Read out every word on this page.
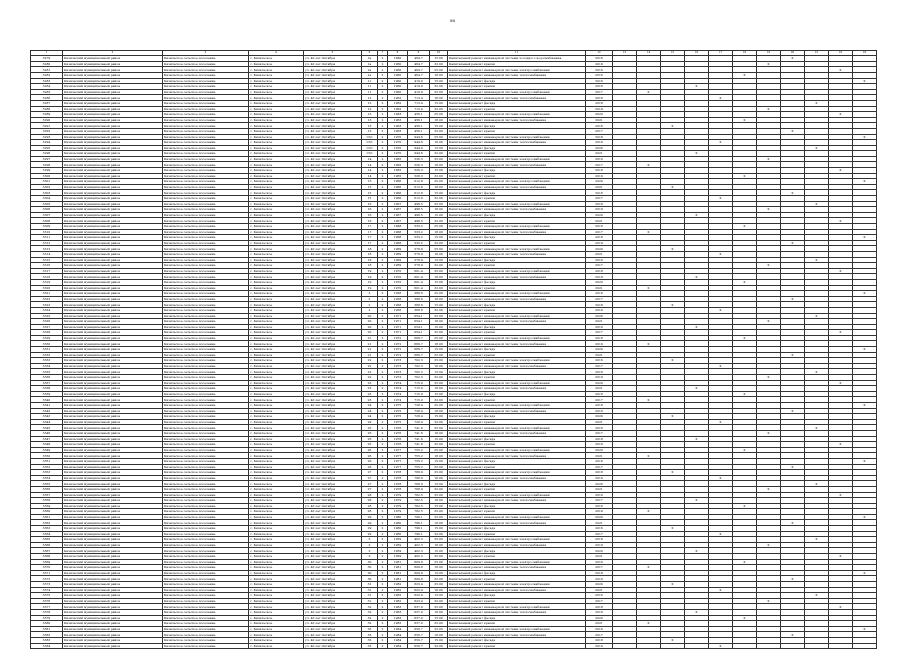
88
1	2	3	4	5	6	7	8	9	10	11	12	13	14	15	16	17	18	19	20	21	22	23
3279	Кизильский муниципальный район	Кизильское сельское поселение	с. Кизильское	ул. 40 лет Октября	1а	2	1960	464.7	15.00	Капитальный ремонт инженерной системы холодного водоснабжения	2016								X			
3280	Кизильский муниципальный район	Кизильское сельское поселение	с. Кизильское	ул. 40 лет Октября	1а	2	1960	464.7	32.00	Капитальный ремонт крыши	2019							X				
3281	Кизильский муниципальный район	Кизильское сельское поселение	с. Кизильское	ул. 40 лет Октября	1а	2	1960	464.7	25.00	Капитальный ремонт инженерной системы электроснабжения	2016										X	
3282	Кизильский муниципальный район	Кизильское сельское поселение	с. Кизильское	ул. 40 лет Октября	1а	2	1960	464.7	18.00	Капитальный ремонт инженерной системы теплоснабжения	2016						X					
3283	Кизильский муниципальный район	Кизильское сельское поселение	с. Кизильское	ул. 40 лет Октября	11	2	1960	419.9	15.00	Капитальный ремонт фасада	2016											X
3284	Кизильский муниципальный район	Кизильское сельское поселение	с. Кизильское	ул. 40 лет Октября	11	2	1960	419.9	32.00	Капитальный ремонт крыши	2016				X							
3285	Кизильский муниципальный район	Кизильское сельское поселение	с. Кизильское	ул. 40 лет Октября	11	2	1960	419.9	25.00	Капитальный ремонт инженерной системы электроснабжения	2017		X									
3286	Кизильский муниципальный район	Кизильское сельское поселение	с. Кизильское	ул. 40 лет Октября	12	2	1962	713.4	18.00	Капитальный ремонт инженерной системы теплоснабжения	2018					X						
3287	Кизильский муниципальный район	Кизильское сельское поселение	с. Кизильское	ул. 40 лет Октября	12	2	1962	713.4	15.00	Капитальный ремонт фасада	2018									X		
3288	Кизильский муниципальный район	Кизильское сельское поселение	с. Кизильское	ул. 40 лет Октября	12	2	1962	713.4	32.00	Капитальный ремонт крыши	2019							X				
3289	Кизильский муниципальный район	Кизильское сельское поселение	с. Кизильское	ул. 40 лет Октября	13	2	1963	456.1	25.00	Капитальный ремонт инженерной системы электроснабжения	2020										X	
3290	Кизильский муниципальный район	Кизильское сельское поселение	с. Кизильское	ул. 40 лет Октября	13	2	1963	456.1	18.00	Капитальный ремонт инженерной системы теплоснабжения	2021						X					
3291	Кизильский муниципальный район	Кизильское сельское поселение	с. Кизильское	ул. 40 лет Октября	13	2	1963	456.1	15.00	Капитальный ремонт фасада	2016			X								
3292	Кизильский муниципальный район	Кизильское сельское поселение	с. Кизильское	ул. 40 лет Октября	13	2	1963	456.1	32.00	Капитальный ремонт крыши	2017								X			
3293	Кизильский муниципальный район	Кизильское сельское поселение	с. Кизильское	ул. 40 лет Октября	13/1	2	1970	944.6	25.00	Капитальный ремонт инженерной системы электроснабжения	2018											X
3294	Кизильский муниципальный район	Кизильское сельское поселение	с. Кизильское	ул. 40 лет Октября	13/1	2	1970	944.6	18.00	Капитальный ремонт инженерной системы теплоснабжения	2019					X						
3295	Кизильский муниципальный район	Кизильское сельское поселение	с. Кизильское	ул. 40 лет Октября	13/1	2	1970	944.6	15.00	Капитальный ремонт фасада	2020									X		
3296	Кизильский муниципальный район	Кизильское сельское поселение	с. Кизильское	ул. 40 лет Октября	13/1	2	1970	944.6	32.00	Капитальный ремонт крыши	2021				X							
3297	Кизильский муниципальный район	Кизильское сельское поселение	с. Кизильское	ул. 40 лет Октября	14	2	1965	526.3	25.00	Капитальный ремонт инженерной системы электроснабжения	2016							X				
3298	Кизильский муниципальный район	Кизильское сельское поселение	с. Кизильское	ул. 40 лет Октября	14	2	1965	526.3	18.00	Капитальный ремонт инженерной системы теплоснабжения	2017		X									
3299	Кизильский муниципальный район	Кизильское сельское поселение	с. Кизильское	ул. 40 лет Октября	14	2	1965	526.3	15.00	Капитальный ремонт фасада	2018										X	
3300	Кизильский муниципальный район	Кизильское сельское поселение	с. Кизильское	ул. 40 лет Октября	14	2	1965	526.3	32.00	Капитальный ремонт крыши	2019						X					
3301	Кизильский муниципальный район	Кизильское сельское поселение	с. Кизильское	ул. 40 лет Октября	15	2	1966	612.8	25.00	Капитальный ремонт инженерной системы электроснабжения	2020											X
3302	Кизильский муниципальный район	Кизильское сельское поселение	с. Кизильское	ул. 40 лет Октября	15	2	1966	612.8	18.00	Капитальный ремонт инженерной системы теплоснабжения	2021			X								
3303	Кизильский муниципальный район	Кизильское сельское поселение	с. Кизильское	ул. 40 лет Октября	15	2	1966	612.8	15.00	Капитальный ремонт фасада	2016								X			
3304	Кизильский муниципальный район	Кизильское сельское поселение	с. Кизильское	ул. 40 лет Октября	15	2	1966	612.8	32.00	Капитальный ремонт крыши	2017					X						
3305	Кизильский муниципальный район	Кизильское сельское поселение	с. Кизильское	ул. 40 лет Октября	16	2	1967	498.5	25.00	Капитальный ремонт инженерной системы электроснабжения	2018									X		
3306	Кизильский муниципальный район	Кизильское сельское поселение	с. Кизильское	ул. 40 лет Октября	16	2	1967	498.5	18.00	Капитальный ремонт инженерной системы теплоснабжения	2019							X				
3307	Кизильский муниципальный район	Кизильское сельское поселение	с. Кизильское	ул. 40 лет Октября	16	2	1967	498.5	15.00	Капитальный ремонт фасада	2020				X							
3308	Кизильский муниципальный район	Кизильское сельское поселение	с. Кизильское	ул. 40 лет Октября	16	2	1967	498.5	32.00	Капитальный ремонт крыши	2021										X	
3309	Кизильский муниципальный район	Кизильское сельское поселение	с. Кизильское	ул. 40 лет Октября	17	2	1968	533.2	25.00	Капитальный ремонт инженерной системы электроснабжения	2016						X					
3310	Кизильский муниципальный район	Кизильское сельское поселение	с. Кизильское	ул. 40 лет Октября	17	2	1968	533.2	18.00	Капитальный ремонт инженерной системы теплоснабжения	2017		X									
3311	Кизильский муниципальный район	Кизильское сельское поселение	с. Кизильское	ул. 40 лет Октября	17	2	1968	533.2	15.00	Капитальный ремонт фасада	2018											X
3312	Кизильский муниципальный район	Кизильское сельское поселение	с. Кизильское	ул. 40 лет Октября	17	2	1968	533.2	32.00	Капитальный ремонт крыши	2019								X			
3313	Кизильский муниципальный район	Кизильское сельское поселение	с. Кизильское	ул. 40 лет Октября	18	2	1969	578.9	25.00	Капитальный ремонт инженерной системы электроснабжения	2020			X								
3314	Кизильский муниципальный район	Кизильское сельское поселение	с. Кизильское	ул. 40 лет Октября	18	2	1969	578.9	18.00	Капитальный ремонт инженерной системы теплоснабжения	2021					X						
3315	Кизильский муниципальный район	Кизильское сельское поселение	с. Кизильское	ул. 40 лет Октября	18	2	1969	578.9	15.00	Капитальный ремонт фасада	2016									X		
3316	Кизильский муниципальный район	Кизильское сельское поселение	с. Кизильское	ул. 40 лет Октября	18	2	1969	578.9	32.00	Капитальный ремонт крыши	2017							X				
3317	Кизильский муниципальный район	Кизильское сельское поселение	с. Кизильское	ул. 40 лет Октября	19	2	1970	601.4	25.00	Капитальный ремонт инженерной системы электроснабжения	2018										X	
3318	Кизильский муниципальный район	Кизильское сельское поселение	с. Кизильское	ул. 40 лет Октября	19	2	1970	601.4	18.00	Капитальный ремонт инженерной системы теплоснабжения	2019				X							
3319	Кизильский муниципальный район	Кизильское сельское поселение	с. Кизильское	ул. 40 лет Октября	19	2	1970	601.4	15.00	Капитальный ремонт фасада	2020						X					
3320	Кизильский муниципальный район	Кизильское сельское поселение	с. Кизильское	ул. 40 лет Октября	19	2	1970	601.4	32.00	Капитальный ремонт крыши	2021		X									
3321	Кизильский муниципальный район	Кизильское сельское поселение	с. Кизильское	ул. 40 лет Октября	2	2	1958	388.6	25.00	Капитальный ремонт инженерной системы электроснабжения	2016											X
3322	Кизильский муниципальный район	Кизильское сельское поселение	с. Кизильское	ул. 40 лет Октября	2	2	1958	388.6	18.00	Капитальный ремонт инженерной системы теплоснабжения	2017								X			
3323	Кизильский муниципальный район	Кизильское сельское поселение	с. Кизильское	ул. 40 лет Октября	2	2	1958	388.6	15.00	Капитальный ремонт фасада	2018			X								
3324	Кизильский муниципальный район	Кизильское сельское поселение	с. Кизильское	ул. 40 лет Октября	2	2	1958	388.6	32.00	Капитальный ремонт крыши	2019					X						
3325	Кизильский муниципальный район	Кизильское сельское поселение	с. Кизильское	ул. 40 лет Октября	20	2	1971	654.1	25.00	Капитальный ремонт инженерной системы электроснабжения	2020									X		
3326	Кизильский муниципальный район	Кизильское сельское поселение	с. Кизильское	ул. 40 лет Октября	20	2	1971	654.1	18.00	Капитальный ремонт инженерной системы теплоснабжения	2021							X				
3327	Кизильский муниципальный район	Кизильское сельское поселение	с. Кизильское	ул. 40 лет Октября	20	2	1971	654.1	15.00	Капитальный ремонт фасада	2016				X							
3328	Кизильский муниципальный район	Кизильское сельское поселение	с. Кизильское	ул. 40 лет Октября	20	2	1971	654.1	32.00	Капитальный ремонт крыши	2017										X	
3329	Кизильский муниципальный район	Кизильское сельское поселение	с. Кизильское	ул. 40 лет Октября	21	2	1972	689.7	25.00	Капитальный ремонт инженерной системы электроснабжения	2018						X					
3330	Кизильский муниципальный район	Кизильское сельское поселение	с. Кизильское	ул. 40 лет Октября	21	2	1972	689.7	18.00	Капитальный ремонт инженерной системы теплоснабжения	2019		X									
3331	Кизильский муниципальный район	Кизильское сельское поселение	с. Кизильское	ул. 40 лет Октября	21	2	1972	689.7	15.00	Капитальный ремонт фасада	2020											X
3332	Кизильский муниципальный район	Кизильское сельское поселение	с. Кизильское	ул. 40 лет Октября	21	2	1972	689.7	32.00	Капитальный ремонт крыши	2021								X			
3333	Кизильский муниципальный район	Кизильское сельское поселение	с. Кизильское	ул. 40 лет Октября	22	2	1973	702.3	25.00	Капитальный ремонт инженерной системы электроснабжения	2016			X								
3334	Кизильский муниципальный район	Кизильское сельское поселение	с. Кизильское	ул. 40 лет Октября	22	2	1973	702.3	18.00	Капитальный ремонт инженерной системы теплоснабжения	2017					X						
3335	Кизильский муниципальный район	Кизильское сельское поселение	с. Кизильское	ул. 40 лет Октября	22	2	1973	702.3	15.00	Капитальный ремонт фасада	2018									X		
3336	Кизильский муниципальный район	Кизильское сельское поселение	с. Кизильское	ул. 40 лет Октября	22	2	1973	702.3	32.00	Капитальный ремонт крыши	2019							X				
3337	Кизильский муниципальный район	Кизильское сельское поселение	с. Кизильское	ул. 40 лет Октября	23	2	1974	715.0	25.00	Капитальный ремонт инженерной системы электроснабжения	2020										X	
3338	Кизильский муниципальный район	Кизильское сельское поселение	с. Кизильское	ул. 40 лет Октября	23	2	1974	715.0	18.00	Капитальный ремонт инженерной системы теплоснабжения	2021				X							
3339	Кизильский муниципальный район	Кизильское сельское поселение	с. Кизильское	ул. 40 лет Октября	23	2	1974	715.0	15.00	Капитальный ремонт фасада	2016						X					
3340	Кизильский муниципальный район	Кизильское сельское поселение	с. Кизильское	ул. 40 лет Октября	23	2	1974	715.0	32.00	Капитальный ремонт крыши	2017		X									
3341	Кизильский муниципальный район	Кизильское сельское поселение	с. Кизильское	ул. 40 лет Октября	24	2	1975	728.4	25.00	Капитальный ремонт инженерной системы электроснабжения	2018											X
3342	Кизильский муниципальный район	Кизильское сельское поселение	с. Кизильское	ул. 40 лет Октября	24	2	1975	728.4	18.00	Капитальный ремонт инженерной системы теплоснабжения	2019								X			
3343	Кизильский муниципальный район	Кизильское сельское поселение	с. Кизильское	ул. 40 лет Октября	24	2	1975	728.4	15.00	Капитальный ремонт фасада	2020			X								
3344	Кизильский муниципальный район	Кизильское сельское поселение	с. Кизильское	ул. 40 лет Октября	24	2	1975	728.4	32.00	Капитальный ремонт крыши	2021					X						
3345	Кизильский муниципальный район	Кизильское сельское поселение	с. Кизильское	ул. 40 лет Октября	25	2	1976	741.6	25.00	Капитальный ремонт инженерной системы электроснабжения	2016									X		
3346	Кизильский муниципальный район	Кизильское сельское поселение	с. Кизильское	ул. 40 лет Октября	25	2	1976	741.6	18.00	Капитальный ремонт инженерной системы теплоснабжения	2017							X				
3347	Кизильский муниципальный район	Кизильское сельское поселение	с. Кизильское	ул. 40 лет Октября	25	2	1976	741.6	15.00	Капитальный ремонт фасада	2018				X							
3348	Кизильский муниципальный район	Кизильское сельское поселение	с. Кизильское	ул. 40 лет Октября	25	2	1976	741.6	32.00	Капитальный ремонт крыши	2019										X	
3349	Кизильский муниципальный район	Кизильское сельское поселение	с. Кизильское	ул. 40 лет Октября	26	2	1977	755.2	25.00	Капитальный ремонт инженерной системы электроснабжения	2020						X					
3350	Кизильский муниципальный район	Кизильское сельское поселение	с. Кизильское	ул. 40 лет Октября	26	2	1977	755.2	18.00	Капитальный ремонт инженерной системы теплоснабжения	2021		X									
3351	Кизильский муниципальный район	Кизильское сельское поселение	с. Кизильское	ул. 40 лет Октября	26	2	1977	755.2	15.00	Капитальный ремонт фасада	2016											X
3352	Кизильский муниципальный район	Кизильское сельское поселение	с. Кизильское	ул. 40 лет Октября	26	2	1977	755.2	32.00	Капитальный ремонт крыши	2017								X			
3353	Кизильский муниципальный район	Кизильское сельское поселение	с. Кизильское	ул. 40 лет Октября	27	2	1978	768.9	25.00	Капитальный ремонт инженерной системы электроснабжения	2018			X								
3354	Кизильский муниципальный район	Кизильское сельское поселение	с. Кизильское	ул. 40 лет Октября	27	2	1978	768.9	18.00	Капитальный ремонт инженерной системы теплоснабжения	2019					X						
3355	Кизильский муниципальный район	Кизильское сельское поселение	с. Кизильское	ул. 40 лет Октября	27	2	1978	768.9	15.00	Капитальный ремонт фасада	2020									X		
3356	Кизильский муниципальный район	Кизильское сельское поселение	с. Кизильское	ул. 40 лет Октября	27	2	1978	768.9	32.00	Капитальный ремонт крыши	2021							X				
3357	Кизильский муниципальный район	Кизильское сельское поселение	с. Кизильское	ул. 40 лет Октября	28	2	1979	782.5	25.00	Капитальный ремонт инженерной системы электроснабжения	2016										X	
3358	Кизильский муниципальный район	Кизильское сельское поселение	с. Кизильское	ул. 40 лет Октября	28	2	1979	782.5	18.00	Капитальный ремонт инженерной системы теплоснабжения	2017				X							
3359	Кизильский муниципальный район	Кизильское сельское поселение	с. Кизильское	ул. 40 лет Октября	28	2	1979	782.5	15.00	Капитальный ремонт фасада	2018						X					
3360	Кизильский муниципальный район	Кизильское сельское поселение	с. Кизильское	ул. 40 лет Октября	28	2	1979	782.5	32.00	Капитальный ремонт крыши	2019		X									
3361	Кизильский муниципальный район	Кизильское сельское поселение	с. Кизильское	ул. 40 лет Октября	29	2	1980	796.1	25.00	Капитальный ремонт инженерной системы электроснабжения	2020											X
3362	Кизильский муниципальный район	Кизильское сельское поселение	с. Кизильское	ул. 40 лет Октября	29	2	1980	796.1	18.00	Капитальный ремонт инженерной системы теплоснабжения	2021								X			
3363	Кизильский муниципальный район	Кизильское сельское поселение	с. Кизильское	ул. 40 лет Октября	29	2	1980	796.1	15.00	Капитальный ремонт фасада	2016			X								
3364	Кизильский муниципальный район	Кизильское сельское поселение	с. Кизильское	ул. 40 лет Октября	29	2	1980	796.1	32.00	Капитальный ремонт крыши	2017					X						
3365	Кизильский муниципальный район	Кизильское сельское поселение	с. Кизильское	ул. 40 лет Октября	3	2	1959	402.3	25.00	Капитальный ремонт инженерной системы электроснабжения	2018									X		
3366	Кизильский муниципальный район	Кизильское сельское поселение	с. Кизильское	ул. 40 лет Октября	3	2	1959	402.3	18.00	Капитальный ремонт инженерной системы теплоснабжения	2019							X				
3367	Кизильский муниципальный район	Кизильское сельское поселение	с. Кизильское	ул. 40 лет Октября	3	2	1959	402.3	15.00	Капитальный ремонт фасада	2020				X							
3368	Кизильский муниципальный район	Кизильское сельское поселение	с. Кизильское	ул. 40 лет Октября	3	2	1959	402.3	32.00	Капитальный ремонт крыши	2021										X	
3369	Кизильский муниципальный район	Кизильское сельское поселение	с. Кизильское	ул. 40 лет Октября	30	2	1981	809.8	25.00	Капитальный ремонт инженерной системы электроснабжения	2016						X					
3370	Кизильский муниципальный район	Кизильское сельское поселение	с. Кизильское	ул. 40 лет Октября	30	2	1981	809.8	18.00	Капитальный ремонт инженерной системы теплоснабжения	2017		X									
3371	Кизильский муниципальный район	Кизильское сельское поселение	с. Кизильское	ул. 40 лет Октября	30	2	1981	809.8	15.00	Капитальный ремонт фасада	2018											X
3372	Кизильский муниципальный район	Кизильское сельское поселение	с. Кизильское	ул. 40 лет Октября	30	2	1981	809.8	32.00	Капитальный ремонт крыши	2019								X			
3373	Кизильский муниципальный район	Кизильское сельское поселение	с. Кизильское	ул. 40 лет Октября	31	2	1982	823.4	25.00	Капитальный ремонт инженерной системы электроснабжения	2020			X								
3374	Кизильский муниципальный район	Кизильское сельское поселение	с. Кизильское	ул. 40 лет Октября	31	2	1982	823.4	18.00	Капитальный ремонт инженерной системы теплоснабжения	2021					X						
3375	Кизильский муниципальный район	Кизильское сельское поселение	с. Кизильское	ул. 40 лет Октября	31	2	1982	823.4	15.00	Капитальный ремонт фасада	2016									X		
3376	Кизильский муниципальный район	Кизильское сельское поселение	с. Кизильское	ул. 40 лет Октября	31	2	1982	823.4	32.00	Капитальный ремонт крыши	2017							X				
3377	Кизильский муниципальный район	Кизильское сельское поселение	с. Кизильское	ул. 40 лет Октября	32	2	1983	837.0	25.00	Капитальный ремонт инженерной системы электроснабжения	2018										X	
3378	Кизильский муниципальный район	Кизильское сельское поселение	с. Кизильское	ул. 40 лет Октября	32	2	1983	837.0	18.00	Капитальный ремонт инженерной системы теплоснабжения	2019				X							
3379	Кизильский муниципальный район	Кизильское сельское поселение	с. Кизильское	ул. 40 лет Октября	32	2	1983	837.0	15.00	Капитальный ремонт фасада	2020						X					
3380	Кизильский муниципальный район	Кизильское сельское поселение	с. Кизильское	ул. 40 лет Октября	32	2	1983	837.0	32.00	Капитальный ремонт крыши	2021		X									
3381	Кизильский муниципальный район	Кизильское сельское поселение	с. Кизильское	ул. 40 лет Октября	33	2	1984	850.7	25.00	Капитальный ремонт инженерной системы электроснабжения	2016											X
3382	Кизильский муниципальный район	Кизильское сельское поселение	с. Кизильское	ул. 40 лет Октября	33	2	1984	850.7	18.00	Капитальный ремонт инженерной системы теплоснабжения	2017								X			
3383	Кизильский муниципальный район	Кизильское сельское поселение	с. Кизильское	ул. 40 лет Октября	33	2	1984	850.7	15.00	Капитальный ремонт фасада	2018			X								
3384	Кизильский муниципальный район	Кизильское сельское поселение	с. Кизильское	ул. 40 лет Октября	33	2	1984	850.7	32.00	Капитальный ремонт крыши	2019					X						
